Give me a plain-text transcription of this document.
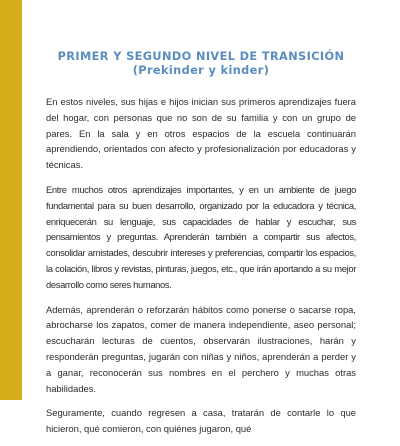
PRIMER Y SEGUNDO NIVEL DE TRANSICIÓN
(Prekinder y kinder)

En estos niveles, sus hijas e hijos inician sus primeros aprendizajes fuera del hogar, con personas que no son de su familia y con un grupo de pares. En la sala y en otros espacios de la escuela continuarán aprendiendo, orientados con afecto y profesionalización por educadoras y técnicas.

Entre muchos otros aprendizajes importantes, y en un ambiente de juego fundamental para su buen desarrollo, organizado por la educadora y técnica, enriquecerán su lenguaje, sus capacidades de hablar y escuchar, sus pensamientos y preguntas. Aprenderán también a compartir sus afectos, consolidar amistades, descubrir intereses y preferencias, compartir los espacios, la colación, libros y revistas, pinturas, juegos, etc., que irán aportando a su mejor desarrollo como seres humanos.

Además, aprenderán o reforzarán hábitos como ponerse o sacarse ropa, abrocharse los zapatos, comer de manera independiente, aseo personal; escucharán lecturas de cuentos, observarán ilustraciones, harán y responderán preguntas, jugarán con niñas y niños, aprenderán a perder y a ganar, reconocerán sus nombres en el perchero y muchas otras habilidades.

Seguramente, cuando regresen a casa, tratarán de contarle lo que hicieron, qué comieron, con quiénes jugaron, qué
